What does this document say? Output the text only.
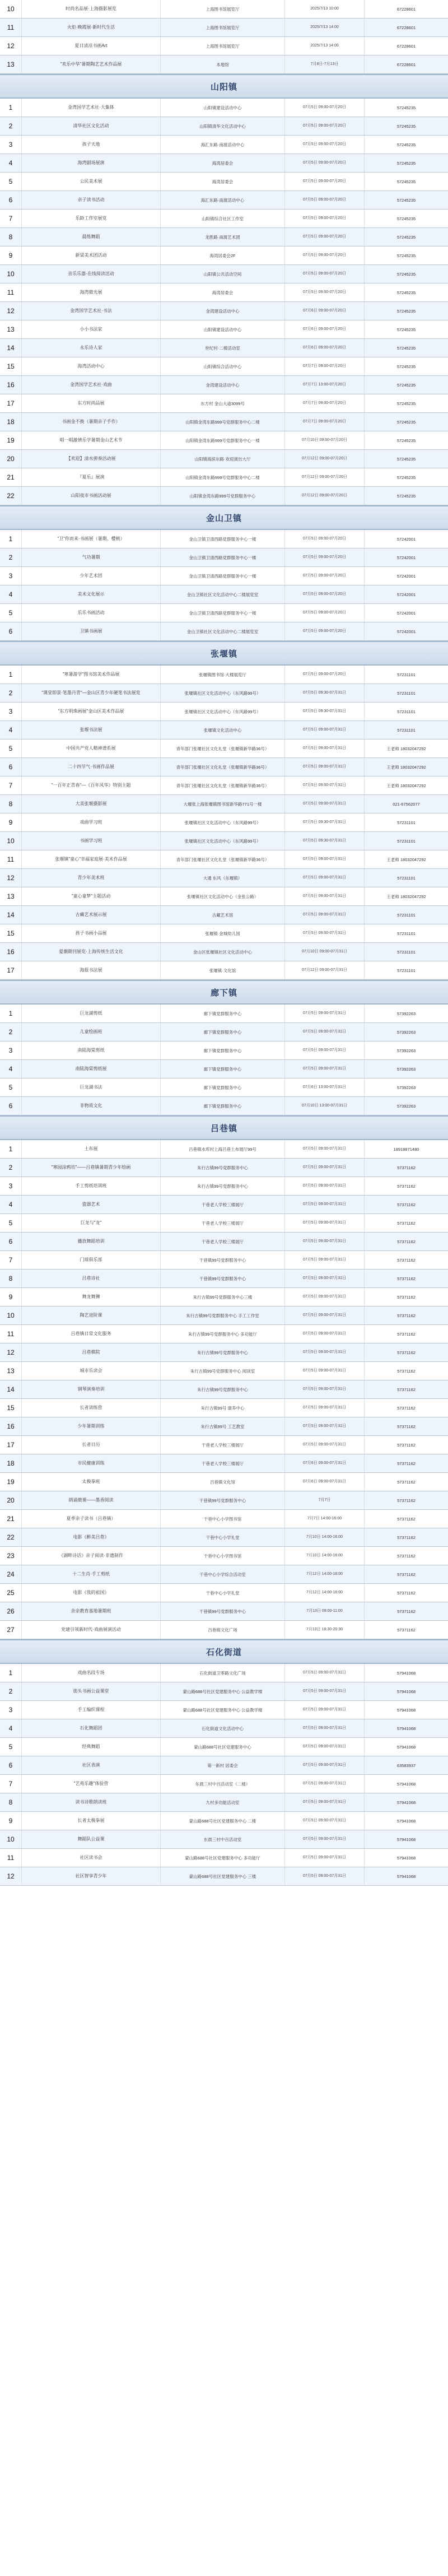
10	时尚名品展·上海摄影展览	上海图书馆展览厅	2025/7/13 10:00	67228601
11	火炬·晚霞展·新时代生活	上海图书馆展览厅	2025/7/13 14:00	67228601
12	夏日清凉书画Art	上海图书馆展览厅	2025/7/13 14:00	67228601
13	"欢乐中华"暑期陶艺艺术作品展	本地馆	7月8日-7月13日	67228601
山阳镇
1	金湾国学艺术社·大集体	山阳镇建设活动中心	07月5日 09:00-07月20日	57245235
2	清华社区文化活动	山阳镇清华文化活动中心	07月5日 09:00-07月20日	57245235
3	孩子天地	海汇东路·南渡活动中心	07月5日 09:00-07月20日	57245235
4	海湾剧场展演	海湾居委会	07月5日 09:00-07月20日	57245235
5	公民美术展	海湾居委会	07月5日 09:00-07月20日	57245235
6	亲子读书活动	海汇东路·南渡活动中心	07月5日 09:00-07月20日	57245235
7	乐龄工作室展览	山阳镇综合社区工作室	07月5日 09:00-07月20日	57245235
8	晨练舞蹈	龙胜路·南渡艺术团	07月5日 09:00-07月20日	57245235
9	新梁美术团活动	海湾居委会2F	07月5日 09:00-07月20日	57245235
10	音乐乐器·在线阅读活动	山阳镇公共活动空间	07月5日 09:00-07月20日	57245235
11	海湾微光展	海湾居委会	07月5日 09:00-07月20日	57245235
12	金湾国学艺术社·书法	金湾建设活动中心	07月6日 09:00-07月20日	57245235
13	小小书法家	山阳镇建设活动中心	07月6日 09:00-07月20日	57245235
14	永乐诗人家	世纪村·二楼活动室	07月6日 09:00-07月20日	57245235
15	海湾活动中心	山阳镇综合活动中心	07月7日 09:00-07月20日	57245235
16	金湾国学艺术社·戏曲	金湾建设活动中心	07月7日 13:00-07月20日	57245235
17	东方时尚品展	东方村 金山大道3099号	07月7日 09:00-07月20日	57245235
18	书画金不换（暑期亲子手作）	山阳镇金湾东路999号党群服务中心二楼	07月7日 09:00-07月20日	57245235
19	唱一唱激情乐学暑期金山艺术节	山阳镇金湾东路999号党群服务中心一楼	07月10日 09:00-07月20日	57245235
20	【欢迎】清水弹奏活动展	山阳镇海滨东路·欢迎演出大厅	07月12日 09:00-07月20日	57245235
21	『夏乐』展演	山阳镇金湾东路999号党群服务中心二楼	07月12日 09:00-07月20日	57245235
22	山阳夜市书画活动展	山阳镇金湾东路999号党群服务中心	07月12日 09:00-07月20日	57245235
金山卫镇
1	"卫"你而来·书画展（暑期、樱桃）	金山卫镇卫清西路党群服务中心一楼	07月5日 09:00-07月20日	57242001
2	气功暑期	金山卫镇卫清西路党群服务中心一楼	07月5日 09:00-07月20日	57242001
3	少年艺术团	金山卫镇卫清西路党群服务中心一楼	07月5日 09:00-07月20日	57242001
4	美术文化展示	金山卫镇社区文化活动中心二楼展览室	07月5日 09:00-07月20日	57242001
5	乐乐书画活动	金山卫镇卫清西路党群服务中心一楼	07月5日 09:00-07月20日	57242001
6	卫镇书画展	金山卫镇社区文化活动中心二楼展览室	07月5日 09:00-07月20日	57242001
张堰镇
1	"寒暑游学"图书馆美术作品展	张堰镇图书馆·大楼展览厅	07月5日 09:00-07月20日	57231101
2	"课堂即景·笔墨丹青"—金山区青少年硬笔书法展览	张堰镇社区文化活动中心（东风路99号）	07月5日 09:30-07月31日	57231101
3	"东方明珠画展"金山区美术作品展	张堰镇社区文化活动中心（东风路99号）	07月5日 09:30-07月31日	57231101
4	张堰书法展	张堰镇文化活动中心	07月5日 09:00-07月31日	57231101
5	中国共产党人精神谱系展	青年部门张堰社区文化礼堂（张堰镇新华路36号）	07月5日 09:00-07月31日	王老师 18032047292
6	二十四节气·书画作品展	青年部门张堰社区文化礼堂（张堰镇新华路36号）	07月5日 09:00-07月31日	王老师 18032047292
7	"一百年正青春"—《百年风华》特别主题	青年部门张堰社区文化礼堂（张堰镇新华路36号）	07月5日 09:00-07月31日	王老师 18032047292
8	大美张堰摄影展	大堰张上海张堰镇图书馆新华路771号一楼	07月5日 09:00-07月31日	021-67562077
9	戏曲学习班	张堰镇社区文化活动中心（东风路99号）	07月5日 09:30-07月31日	57231101
10	书画学习班	张堰镇社区文化活动中心（东风路99号）	07月5日 09:30-07月31日	57231101
11	张堰镇"童心"幸福家庭展·美术作品展	青年部门张堰社区文化礼堂（张堰镇新华路36号）	07月5日 09:00-07月31日	王老师 18032047292
12	青少年美术班	大通 东风（东堰镇）	07月5日 09:00-07月31日	57231101
13	"童心童梦"主题活动	张堰镇社区文化活动中心（金张公路）	07月5日 09:00-07月31日	王老师 18032047292
14	古藏艺术展示展	古藏艺术馆	07月5日 09:00-07月31日	57231101
15	孩子书画小品展	张堰镇·金城幼儿园	07月5日 09:00-07月31日	57231101
16	爱潮期刊展览·上海传统生活文化	金山区张堰镇社区文化活动中心	07月10日 09:00-07月31日	57231101
17	海报书法展	张堰镇·文化馆	07月12日 09:00-07月31日	57231101
廊下镇
1	巨龙湖剪纸	廊下镇党群服务中心	07月5日 09:00-07月31日	57392263
2	儿童绘画班	廊下镇党群服务中心	07月5日 09:00-07月31日	57392263
3	南陆海棠剪纸	廊下镇党群服务中心	07月5日 09:00-07月31日	57392263
4	南陆海棠剪纸展	廊下镇党群服务中心	07月5日 09:00-07月31日	57392263
5	巨龙湖书法	廊下镇党群服务中心	07月6日 13:00-07月31日	57392263
6	非物质文化	廊下镇党群服务中心	07月10日 13:00-07月31日	57392263
吕巷镇
1	土布展	吕巷镇水库村上海吕巷土布展厅99号	07月5日 09:00-07月31日	18918871480
2	"寒园涂鸦坊"——吕巷镇暑期青少年绘画	朱行古镇99号党群服务中心	07月5日 09:00-07月31日	57371162
3	手工剪纸培训班	朱行古镇99号党群服务中心	07月5日 09:00-07月31日	57371162
4	瓷器艺术	干巷老人学校三楼展厅	07月5日 09:00-07月31日	57371162
5	巨龙与"龙"	干巷老人学校三楼展厅	07月5日 09:00-07月31日	57371162
6	播放舞蹈培训	干巷老人学校三楼展厅	07月5日 09:00-07月31日	57371162
7	门球俱乐部	干巷镇99号党群服务中心	07月5日 09:00-07月31日	57371162
8	吕巷诗社	干巷镇99号党群服务中心	07月5日 09:00-07月31日	57371162
9	舞龙舞狮	朱行古镇99号党群服务中心三楼	07月5日 09:00-07月31日	57371162
10	陶艺进阶课	朱行古镇99号党群服务中心 手工工作室	07月5日 09:00-07月31日	57371162
11	吕巷镇日常文化服务	朱行古镇99号党群服务中心 多功能厅	07月5日 09:00-07月31日	57371162
12	吕巷棋院	朱行古镇99号党群服务中心	07月5日 09:00-07月31日	57371162
13	城市乐读会	朱行古镇99号党群服务中心 阅读室	07月5日 09:00-07月31日	57371162
14	钢琴演奏培训	朱行古镇99号党群服务中心	07月5日 09:00-07月31日	57371162
15	长者训练营	朱行古镇99号 康养中心	07月5日 09:00-07月31日	57371162
16	少年暑期训练	朱行古镇99号 工艺教室	07月5日 09:00-07月31日	57371162
17	长者日历	干巷老人学校三楼展厅	07月5日 09:00-07月31日	57371162
18	市民健康训练	干巷老人学校三楼展厅	07月6日 09:00-07月31日	57371162
19	太极拳班	吕巷镇文化馆	07月6日 09:00-07月31日	57371162
20	朗诵微课——墨香阅读	干巷镇99号党群服务中心	7月7日	57371162
21	夏季亲子读书（吕巷镇）	干巷中心小学图书馆	7月7日 14:00-16:00	57371162
22	电影《醉美吕巷》	干巷中心小学礼堂	7月10日 14:00-16:00	57371162
23	《湖畔诗话》亲子阅读·非遗制作	干巷中心小学图书馆	7月10日 14:00-16:00	57371162
24	十二生肖·手工剪纸	干巷中心小学综合活动室	7月12日 14:00-16:00	57371162
25	电影《我的祖国》	干巷中心小学礼堂	7月12日 14:00-16:00	57371162
26	亲亲教育基地暑期班	干巷镇99号党群服务中心	7月13日 09:00-11:00	57371162
27	党建引领新时代·戏曲展演活动	吕巷镇文化广场	7月13日 18:30-20:30	57371162
石化街道
1	戏曲名段专场	石化街道卫零路文化广场	07月5日 09:00-07月31日	57941068
2	街头书画公益课堂	蒙山路688号社区党建服务中心 公益教学楼	07月5日 09:00-07月31日	57941068
3	手工编织课程	蒙山路688号社区党建服务中心 公益教学楼	07月5日 09:00-07月31日	57941068
4	石化舞蹈团	石化街道文化活动中心	07月5日 09:00-07月31日	57941068
5	经典舞蹈	蒙山路688号社区党建服务中心	07月5日 09:00-07月31日	57941068
6	社区表演	第一新村 居委会	07月5日 09:00-07月31日	63583937
7	"艺苑乐趣"体验营	东晨三村中百活动室（二楼）	07月5日 09:00-07月31日	57941068
8	读书诗歌朗读班	九村多功能活动室	07月5日 09:00-07月31日	57941068
9	长者太极拳展	蒙山路688号社区党建服务中心 二楼	07月5日 09:00-07月31日	57941068
10	舞蹈队公益课	东晨三村中百活动室	07月5日 09:00-07月31日	57941068
11	社区读书会	蒙山路688号社区党建服务中心 多功能厅	07月5日 09:00-07月31日	57941068
12	社区智享青少年	蒙山路688号社区党建服务中心 三楼	07月5日 09:00-07月31日	57941068
